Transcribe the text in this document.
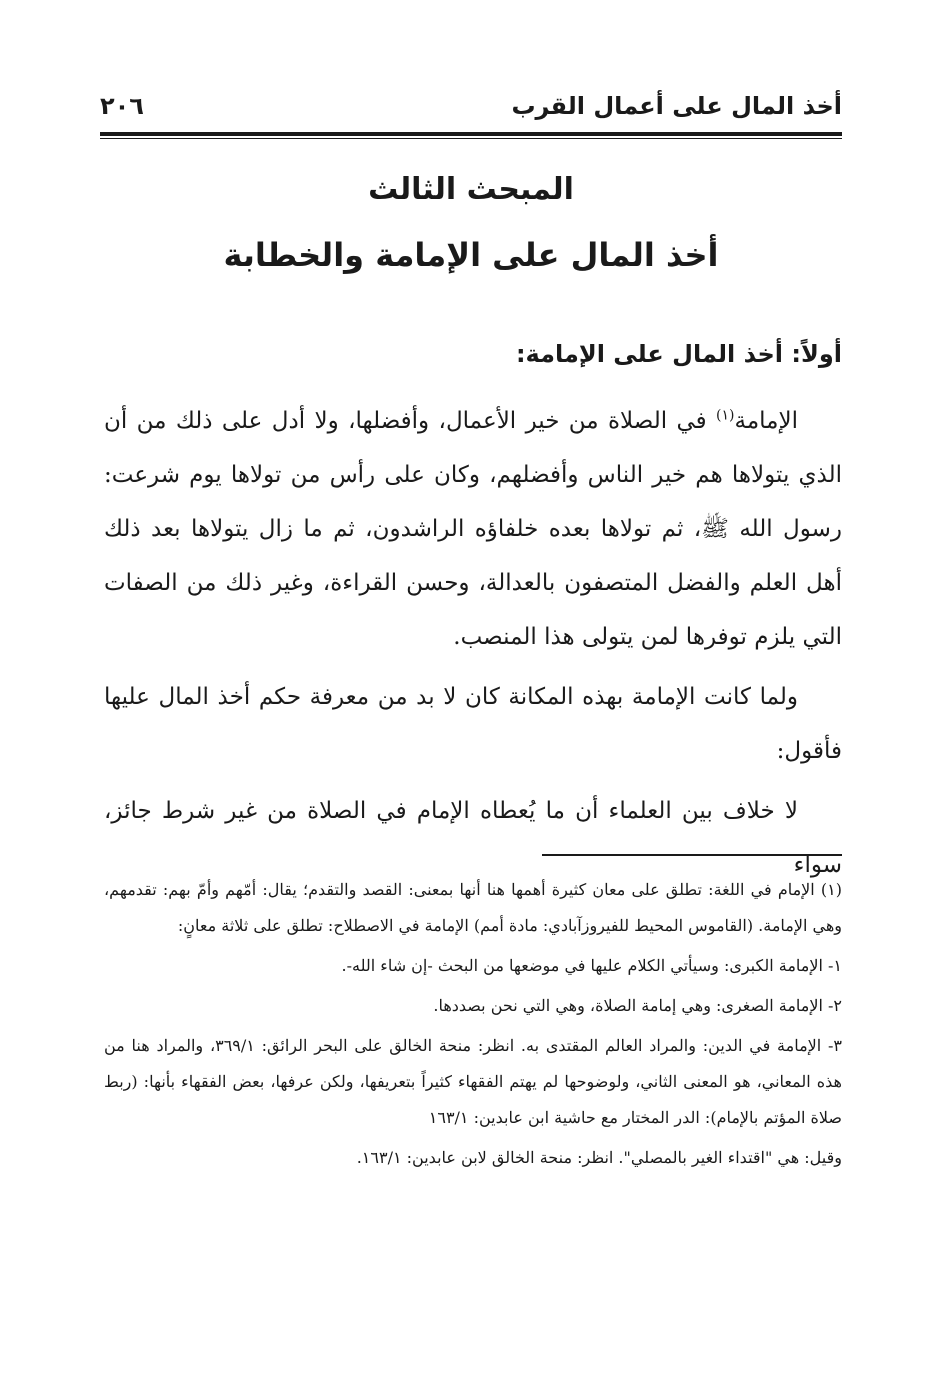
أخذ المال على أعمال القرب
٢٠٦
المبحث الثالث
أخذ المال على الإمامة والخطابة
أولاً: أخذ المال على الإمامة:

الإمامة$^{(١)}$ في الصلاة من خير الأعمال، وأفضلها، ولا أدل على ذلك من أن الذي يتولاها هم خير الناس وأفضلهم، وكان على رأس من تولاها يوم شرعت: رسول الله ﷺ، ثم تولاها بعده خلفاؤه الراشدون، ثم ما زال يتولاها بعد ذلك أهل العلم والفضل المتصفون بالعدالة، وحسن القراءة، وغير ذلك من الصفات التي يلزم توفرها لمن يتولى هذا المنصب.

ولما كانت الإمامة بهذه المكانة كان لا بد من معرفة حكم أخذ المال عليها فأقول:

لا خلاف بين العلماء أن ما يُعطاه الإمام في الصلاة من غير شرط جائز، سواء

(١) الإمام في اللغة: تطلق على معان كثيرة أهمها هنا أنها بمعنى: القصد والتقدم؛ يقال: أمّهم وأمّ بهم: تقدمهم، وهي الإمامة. (القاموس المحيط للفيروزآبادي: مادة أمم) الإمامة في الاصطلاح: تطلق على ثلاثة معانٍ:

١- الإمامة الكبرى: وسيأتي الكلام عليها في موضعها من البحث -إن شاء الله-.

٢- الإمامة الصغرى: وهي إمامة الصلاة، وهي التي نحن بصددها.

٣- الإمامة في الدين: والمراد العالم المقتدى به. انظر: منحة الخالق على البحر الرائق: ٣٦٩/١، والمراد هنا من هذه المعاني، هو المعنى الثاني، ولوضوحها لم يهتم الفقهاء كثيراً بتعريفها، ولكن عرفها، بعض الفقهاء بأنها: (ربط صلاة المؤتم بالإمام): الدر المختار مع حاشية ابن عابدين: ١٦٣/١

وقيل: هي "اقتداء الغير بالمصلي". انظر: منحة الخالق لابن عابدين: ١٦٣/١.
